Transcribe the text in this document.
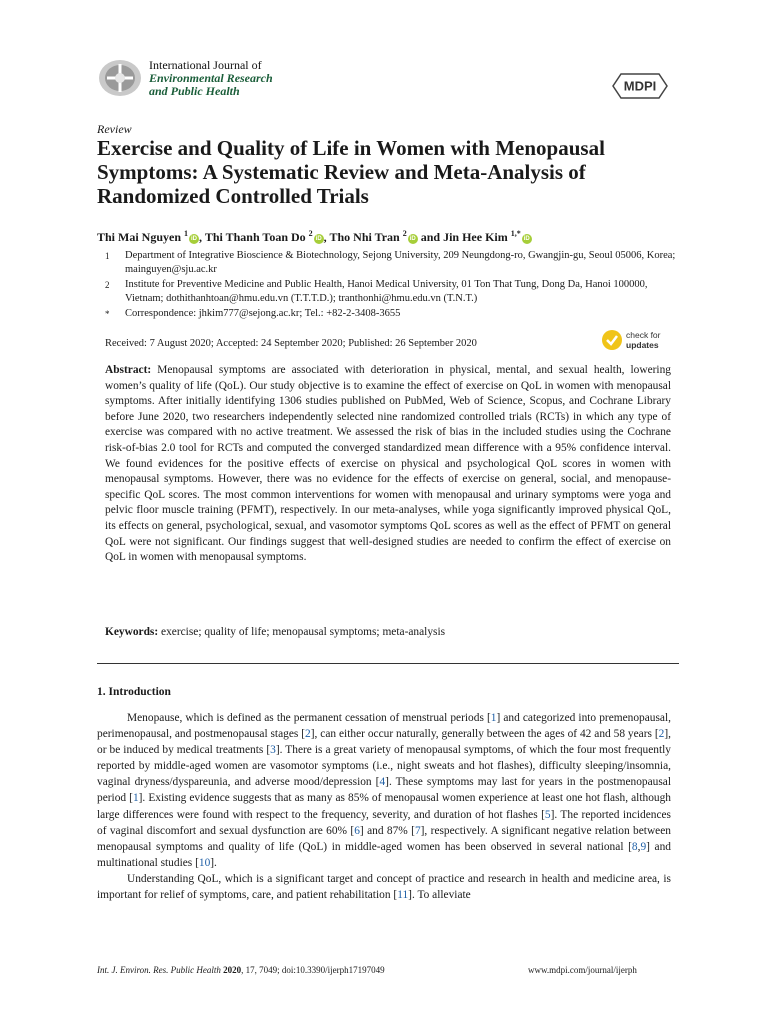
International Journal of
Environmental Research
and Public Health	MDPI
Review
Exercise and Quality of Life in Women with Menopausal Symptoms: A Systematic Review and Meta-Analysis of Randomized Controlled Trials
Thi Mai Nguyen $^1$iD , Thi Thanh Toan Do $^2$iD , Tho Nhi Tran $^2$iD and Jin Hee Kim $^{1,*}$iD
1 Department of Integrative Bioscience & Biotechnology, Sejong University, 209 Neungdong-ro, Gwangjin-gu, Seoul 05006, Korea; mainguyen@sju.ac.kr
2 Institute for Preventive Medicine and Public Health, Hanoi Medical University, 01 Ton That Tung, Dong Da, Hanoi 100000, Vietnam; dothithanhtoan@hmu.edu.vn (T.T.T.D.); tranthonhi@hmu.edu.vn (T.N.T.)
* Correspondence: jhkim777@sejong.ac.kr; Tel.: +82-2-3408-3655
Received: 7 August 2020; Accepted: 24 September 2020; Published: 26 September 2020
check for
updates
Abstract: Menopausal symptoms are associated with deterioration in physical, mental, and sexual health, lowering women’s quality of life (QoL). Our study objective is to examine the effect of exercise on QoL in women with menopausal symptoms. After initially identifying 1306 studies published on PubMed, Web of Science, Scopus, and Cochrane Library before June 2020, two researchers independently selected nine randomized controlled trials (RCTs) in which any type of exercise was compared with no active treatment. We assessed the risk of bias in the included studies using the Cochrane risk-of-bias 2.0 tool for RCTs and computed the converged standardized mean difference with a 95% confidence interval. We found evidences for the positive effects of exercise on physical and psychological QoL scores in women with menopausal symptoms. However, there was no evidence for the effects of exercise on general, social, and menopause-specific QoL scores. The most common interventions for women with menopausal and urinary symptoms were yoga and pelvic floor muscle training (PFMT), respectively. In our meta-analyses, while yoga significantly improved physical QoL, its effects on general, psychological, sexual, and vasomotor symptoms QoL scores as well as the effect of PFMT on general QoL were not significant. Our findings suggest that well-designed studies are needed to confirm the effect of exercise on QoL in women with menopausal symptoms.
Keywords: exercise; quality of life; menopausal symptoms; meta-analysis
1. Introduction

Menopause, which is defined as the permanent cessation of menstrual periods [1] and categorized into premenopausal, perimenopausal, and postmenopausal stages [2], can either occur naturally, generally between the ages of 42 and 58 years [2], or be induced by medical treatments [3]. There is a great variety of menopausal symptoms, of which the four most frequently reported by middle-aged women are vasomotor symptoms (i.e., night sweats and hot flashes), difficulty sleeping/insomnia, vaginal dryness/dyspareunia, and adverse mood/depression [4]. These symptoms may last for years in the postmenopausal period [1]. Existing evidence suggests that as many as 85% of menopausal women experience at least one hot flash, although large differences were found with respect to the frequency, severity, and duration of hot flashes [5]. The reported incidences of vaginal discomfort and sexual dysfunction are 60% [6] and 87% [7], respectively. A significant negative relation between menopausal symptoms and quality of life (QoL) in middle-aged women has been observed in several national [8,9] and multinational studies [10].

Understanding QoL, which is a significant target and concept of practice and research in health and medicine area, is important for relief of symptoms, care, and patient rehabilitation [11]. To alleviate

Int. J. Environ. Res. Public Health 2020, 17, 7049; doi:10.3390/ijerph17197049	www.mdpi.com/journal/ijerph
